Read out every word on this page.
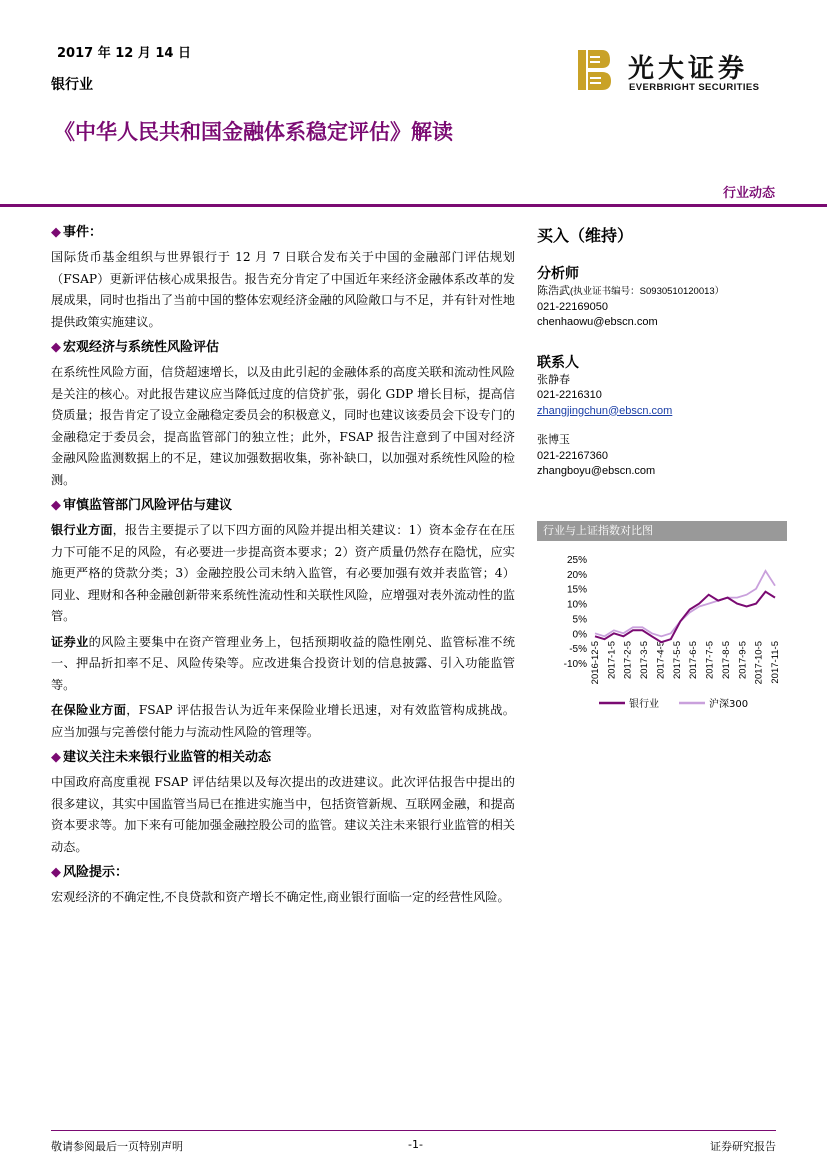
2017 年 12 月 14 日
银行业
光大证券
EVERBRIGHT SECURITIES
《中华人民共和国金融体系稳定评估》解读
行业动态
◆ 事件：
国际货币基金组织与世界银行于 12 月 7 日联合发布关于中国的金融部门评估规划（FSAP）更新评估核心成果报告。报告充分肯定了中国近年来经济金融体系改革的发展成果，同时也指出了当前中国的整体宏观经济金融的风险敞口与不足，并有针对性地提供政策实施建议。
◆ 宏观经济与系统性风险评估
在系统性风险方面，信贷超速增长，以及由此引起的金融体系的高度关联和流动性风险是关注的核心。对此报告建议应当降低过度的信贷扩张，弱化 GDP 增长目标，提高信贷质量；报告肯定了设立金融稳定委员会的积极意义，同时也建议该委员会下设专门的金融稳定于委员会，提高监管部门的独立性；此外，FSAP 报告注意到了中国对经济金融风险监测数据上的不足，建议加强数据收集，弥补缺口，以加强对系统性风险的检测。
◆ 审慎监管部门风险评估与建议
银行业方面，报告主要提示了以下四方面的风险并提出相关建议：1）资本金存在在压力下可能不足的风险，有必要进一步提高资本要求；2）资产质量仍然存在隐忧，应实施更严格的贷款分类；3）金融控股公司未纳入监管，有必要加强有效并表监管；4）同业、理财和各种金融创新带来系统性流动性和关联性风险，应增强对表外流动性的监管。
证券业的风险主要集中在资产管理业务上，包括预期收益的隐性刚兑、监管标准不统一、押品折扣率不足、风险传染等。应改进集合投资计划的信息披露、引入功能监管等。
在保险业方面，FSAP 评估报告认为近年来保险业增长迅速，对有效监管构成挑战。应当加强与完善偿付能力与流动性风险的管理等。
◆ 建议关注未来银行业监管的相关动态
中国政府高度重视 FSAP 评估结果以及每次提出的改进建议。此次评估报告中提出的很多建议，其实中国监管当局已在推进实施当中，包括资管新规、互联网金融，和提高资本要求等。加下来有可能加强金融控股公司的监管。建议关注未来银行业监管的相关动态。
◆ 风险提示：
宏观经济的不确定性,不良贷款和资产增长不确定性,商业银行面临一定的经营性风险。
买入（维持）
分析师
陈浩武(执业证书编号：S0930510120013）
021-22169050
chenhaowu@ebscn.com
联系人
张静春
021-2216310
zhangjingchun@ebscn.com
张博玉
021-22167360
zhangboyu@ebscn.com
行业与上证指数对比图
25%
20%
15%
10%
5%
0%
-5%
-10% 2016-12-5 2017-1-5 2017-2-5 2017-3-5 2017-4-5 2017-5-5 2017-6-5 2017-7-5 2017-8-5 2017-9-5 2017-10-5 2017-11-5
银行业	沪深300
敬请参阅最后一页特别声明	-1-	证券研究报告
